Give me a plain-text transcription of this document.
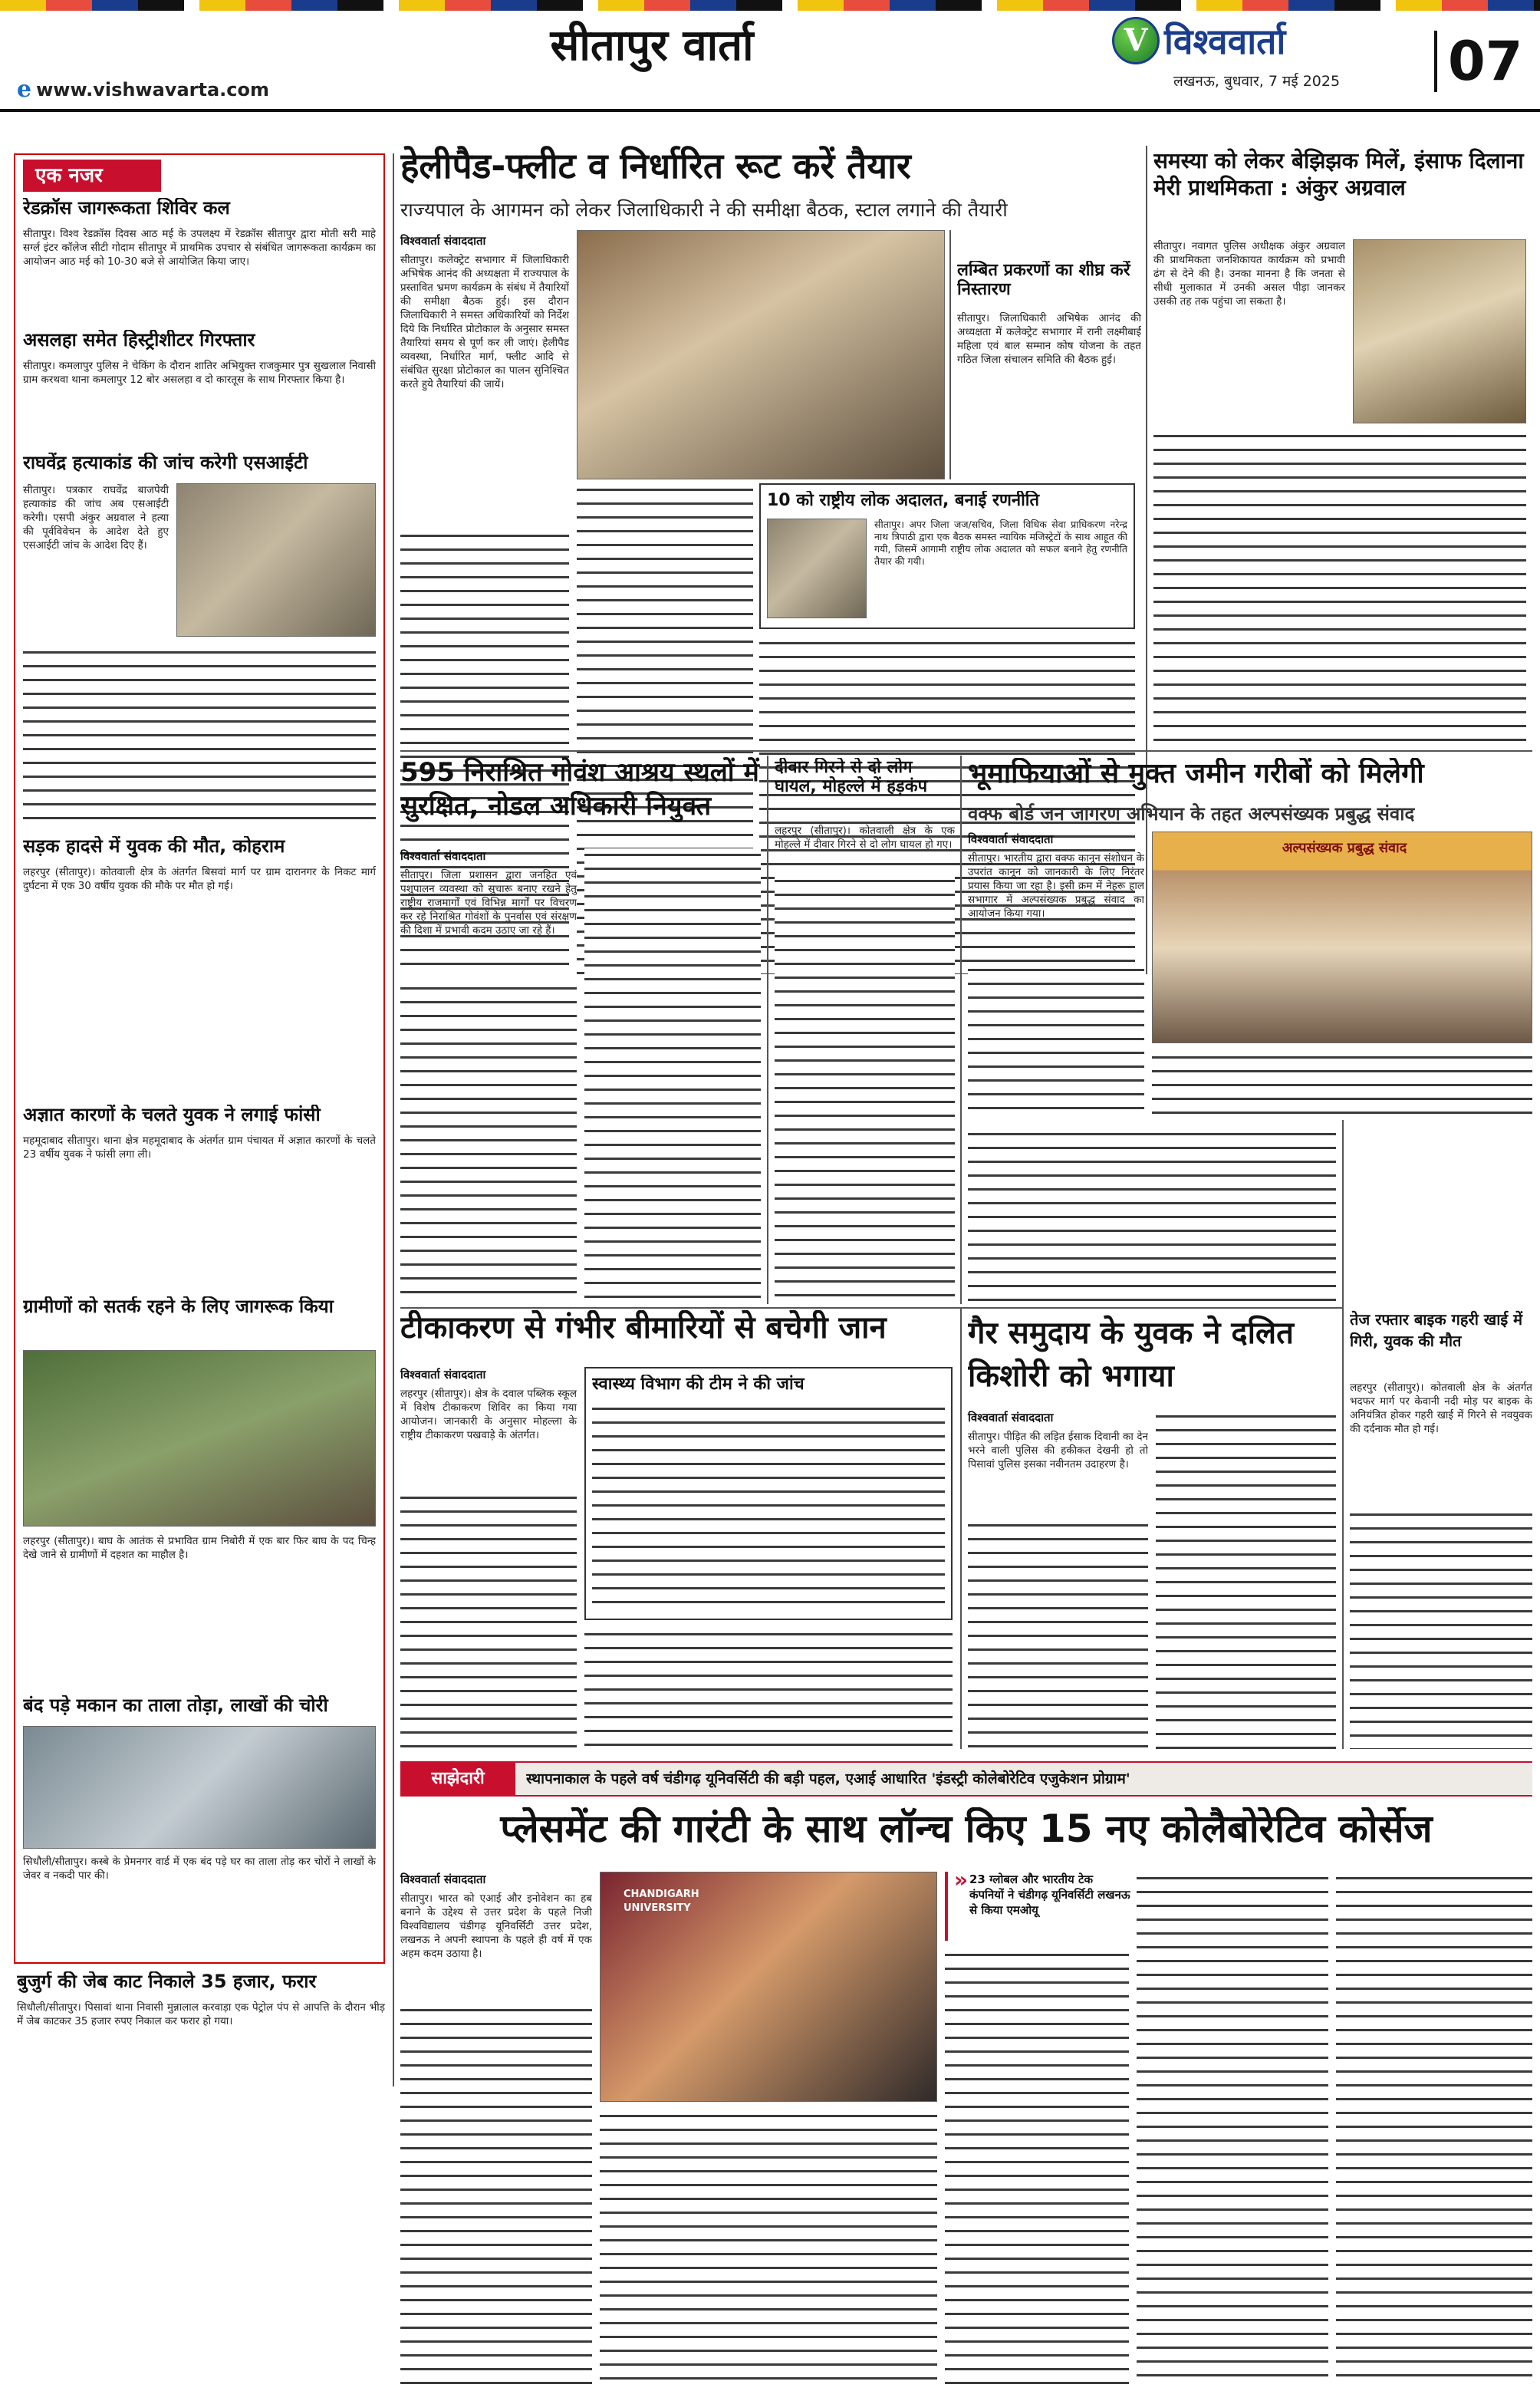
e www.vishwavarta.com
सीतापुर वार्ता	V विश्ववार्ता
लखनऊ, बुधवार, 7 मई 2025	07
एक नजर
रेडक्रॉस जागरूकता शिविर कल
सीतापुर। विश्व रेडक्रॉस दिवस आठ मई के उपलक्ष्य में रेडक्रॉस सीतापुर द्वारा मोती सरी माहे सर्ग्ल इंटर कॉलेज सीटी गोदाम सीतापुर में प्राथमिक उपचार से संबंधित जागरूकता कार्यक्रम का आयोजन आठ मई को 10-30 बजे से आयोजित किया जाए।
असलहा समेत हिस्ट्रीशीटर गिरफ्तार
सीतापुर। कमलापुर पुलिस ने चेकिंग के दौरान शातिर अभियुक्त राजकुमार पुत्र सुखलाल निवासी ग्राम करथवा थाना कमलापुर 12 बोर असलहा व दो कारतूस के साथ गिरफ्तार किया है।
राघवेंद्र हत्याकांड की जांच करेगी एसआईटी
सीतापुर। पत्रकार राघवेंद्र बाजपेयी हत्याकांड की जांच अब एसआईटी करेगी। एसपी अंकुर अग्रवाल ने हत्या की पूर्वविवेचन के आदेश देते हुए एसआईटी जांच के आदेश दिए हैं।
सड़क हादसे में युवक की मौत, कोहराम
लहरपुर (सीतापुर)। कोतवाली क्षेत्र के अंतर्गत बिसवां मार्ग पर ग्राम दारानगर के निकट मार्ग दुर्घटना में एक 30 वर्षीय युवक की मौके पर मौत हो गई।
अज्ञात कारणों के चलते युवक ने लगाई फांसी
महमूदाबाद सीतापुर। थाना क्षेत्र महमूदाबाद के अंतर्गत ग्राम पंचायत में अज्ञात कारणों के चलते 23 वर्षीय युवक ने फांसी लगा ली।
ग्रामीणों को सतर्क रहने के लिए जागरूक किया
लहरपुर (सीतापुर)। बाघ के आतंक से प्रभावित ग्राम निबोरी में एक बार फिर बाघ के पद चिन्ह देखे जाने से ग्रामीणों में दहशत का माहौल है।
बंद पड़े मकान का ताला तोड़ा, लाखों की चोरी
सिधौली/सीतापुर। कस्बे के प्रेमनगर वार्ड में एक बंद पड़े घर का ताला तोड़ कर चोरों ने लाखों के जेवर व नकदी पार की।
बुजुर्ग की जेब काट निकाले 35 हजार, फरार
सिधौली/सीतापुर। पिसावां थाना निवासी मुन्नालाल करवाड़ा एक पेट्रोल पंप से आपत्ति के दौरान भीड़ में जेब काटकर 35 हजार रुपए निकाल कर फरार हो गया।
हेलीपैड-फ्लीट व निर्धारित रूट करें तैयार
राज्यपाल के आगमन को लेकर जिलाधिकारी ने की समीक्षा बैठक, स्टाल लगाने की तैयारी
विश्ववार्ता संवाददाता
सीतापुर। कलेक्ट्रेट सभागार में जिलाधिकारी अभिषेक आनंद की अध्यक्षता में राज्यपाल के प्रस्तावित भ्रमण कार्यक्रम के संबंध में तैयारियों की समीक्षा बैठक हुई। इस दौरान जिलाधिकारी ने समस्त अधिकारियों को निर्देश दिये कि निर्धारित प्रोटोकाल के अनुसार समस्त तैयारियां समय से पूर्ण कर ली जाएं। हेलीपैड व्यवस्था, निर्धारित मार्ग, फ्लीट आदि से संबंधित सुरक्षा प्रोटोकाल का पालन सुनिश्चित करते हुये तैयारियां की जायें।
10 को राष्ट्रीय लोक अदालत, बनाई रणनीति
सीतापुर। अपर जिला जज/सचिव, जिला विधिक सेवा प्राधिकरण नरेन्द्र नाथ त्रिपाठी द्वारा एक बैठक समस्त न्यायिक मजिस्ट्रेटों के साथ आहूत की गयी, जिसमें आगामी राष्ट्रीय लोक अदालत को सफल बनाने हेतु रणनीति तैयार की गयी।
लम्बित प्रकरणों का शीघ्र करें निस्तारण
सीतापुर। जिलाधिकारी अभिषेक आनंद की अध्यक्षता में कलेक्ट्रेट सभागार में रानी लक्ष्मीबाई महिला एवं बाल सम्मान कोष योजना के तहत गठित जिला संचालन समिति की बैठक हुई।
समस्या को लेकर बेझिझक मिलें, इंसाफ दिलाना मेरी प्राथमिकता : अंकुर अग्रवाल
सीतापुर। नवागत पुलिस अधीक्षक अंकुर अग्रवाल की प्राथमिकता जनशिकायत कार्यक्रम को प्रभावी ढंग से देने की है। उनका मानना है कि जनता से सीधी मुलाकात में उनकी असल पीड़ा जानकर उसकी तह तक पहुंचा जा सकता है।
595 निराश्रित गोवंश आश्रय स्थलों में सुरक्षित, नोडल अधिकारी नियुक्त
विश्ववार्ता संवाददाता
सीतापुर। जिला प्रशासन द्वारा जनहित एवं पशुपालन व्यवस्था को सुचारू बनाए रखने हेतु राष्ट्रीय राजमार्गों एवं विभिन्न मार्गों पर विचरण कर रहे निराश्रित गोवंशों के पुनर्वास एवं संरक्षण की दिशा में प्रभावी कदम उठाए जा रहे हैं।
दीवार गिरने से दो लोग घायल, मोहल्ले में हड़कंप
लहरपुर (सीतापुर)। कोतवाली क्षेत्र के एक मोहल्ले में दीवार गिरने से दो लोग घायल हो गए।
भूमाफियाओं से मुक्त जमीन गरीबों को मिलेगी
वक्फ बोर्ड जन जागरण अभियान के तहत अल्पसंख्यक प्रबुद्ध संवाद
विश्ववार्ता संवाददाता
सीतापुर। भारतीय द्वारा वक्फ कानून संशोधन के उपरांत कानून को जानकारी के लिए निरंतर प्रयास किया जा रहा है। इसी क्रम में नेहरू हाल सभागार में अल्पसंख्यक प्रबुद्ध संवाद का आयोजन किया गया।
अल्पसंख्यक प्रबुद्ध संवाद
तेज रफ्तार बाइक गहरी खाई में गिरी, युवक की मौत
लहरपुर (सीतापुर)। कोतवाली क्षेत्र के अंतर्गत भदफर मार्ग पर केवानी नदी मोड़ पर बाइक के अनियंत्रित होकर गहरी खाई में गिरने से नवयुवक की दर्दनाक मौत हो गई।
टीकाकरण से गंभीर बीमारियों से बचेगी जान
विश्ववार्ता संवाददाता
लहरपुर (सीतापुर)। क्षेत्र के दवाल पब्लिक स्कूल में विशेष टीकाकरण शिविर का किया गया आयोजन। जानकारी के अनुसार मोहल्ला के राष्ट्रीय टीकाकरण पखवाड़े के अंतर्गत।
स्वास्थ्य विभाग की टीम ने की जांच
गैर समुदाय के युवक ने दलित किशोरी को भगाया
विश्ववार्ता संवाददाता
सीतापुर। पीड़ित की लड़ित ईसाक दिवानी का देन भरने वाली पुलिस की हकीकत देखनी हो तो पिसावां पुलिस इसका नवीनतम उदाहरण है।
साझेदारी	स्थापनाकाल के पहले वर्ष चंडीगढ़ यूनिवर्सिटी की बड़ी पहल, एआई आधारित 'इंडस्ट्री कोलेबोरेटिव एजुकेशन प्रोग्राम'
प्लेसमेंट की गारंटी के साथ लॉन्च किए 15 नए कोलैबोरेटिव कोर्सेज
विश्ववार्ता संवाददाता
सीतापुर। भारत को एआई और इनोवेशन का हब बनाने के उद्देश्य से उत्तर प्रदेश के पहले निजी विश्वविद्यालय चंडीगढ़ यूनिवर्सिटी उत्तर प्रदेश, लखनऊ ने अपनी स्थापना के पहले ही वर्ष में एक अहम कदम उठाया है।
CHANDIGARH UNIVERSITY
» 23 ग्लोबल और भारतीय टेक कंपनियों ने चंडीगढ़ यूनिवर्सिटी लखनऊ से किया एमओयू
